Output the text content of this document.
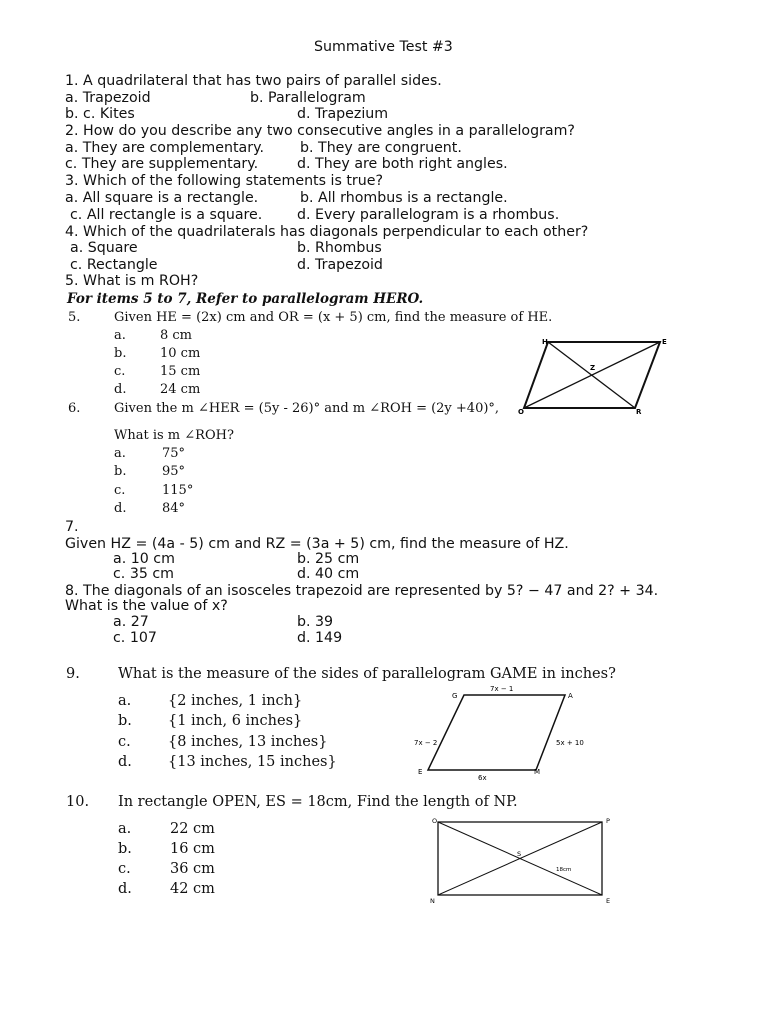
Summative Test #3
1. A quadrilateral that has two pairs of parallel sides.
a. Trapezoid	b. Parallelogram
b. c. Kites	d. Trapezium
2. How do you describe any two consecutive angles in a parallelogram?
a. They are complementary.	b. They are congruent.
c. They are supplementary.	d. They are both right angles.
3. Which of the following statements is true?
a. All square is a rectangle.	b. All rhombus is a rectangle.
c. All rectangle is a square. d. Every parallelogram is a rhombus.
4. Which of the quadrilaterals has diagonals perpendicular to each other?
a. Square	b. Rhombus
c. Rectangle	d. Trapezoid
5. What is m ROH?
For items 5 to 7, Refer to parallelogram HERO.
5.	Given HE = (2x) cm and OR = (x + 5) cm, find the measure of HE.
a.	8 cm
b.	10 cm
c.	15 cm
d.	24 cm
6.	Given the m ∠HER = (5y - 26)° and m ∠ROH = (2y +40)°,
What is m ∠ROH?
a.	75°
b.	95°
c.	115°
d.	84°
H	E
O	R
Z
7.
Given HZ = (4a - 5) cm and RZ = (3a + 5) cm, find the measure of HZ.
a. 10 cm	b. 25 cm
c. 35 cm	d. 40 cm
8. The diagonals of an isosceles trapezoid are represented by 5? − 47 and 2? + 34.
What is the value of x?
a. 27	b. 39
c. 107	d. 149
9.	What is the measure of the sides of parallelogram GAME in inches?
a.	{2 inches, 1 inch}
b. {1 inch, 6 inches}
c.	{8 inches, 13 inches}
d. {13 inches, 15 inches}
G	A
E	M
7x − 1
7x − 2	5x + 10
6x
10. In rectangle OPEN, ES = 18cm, Find the length of NP.
a.	22 cm
b.	16 cm
c.	36 cm
d.	42 cm
O	P
N	E
S
18cm
